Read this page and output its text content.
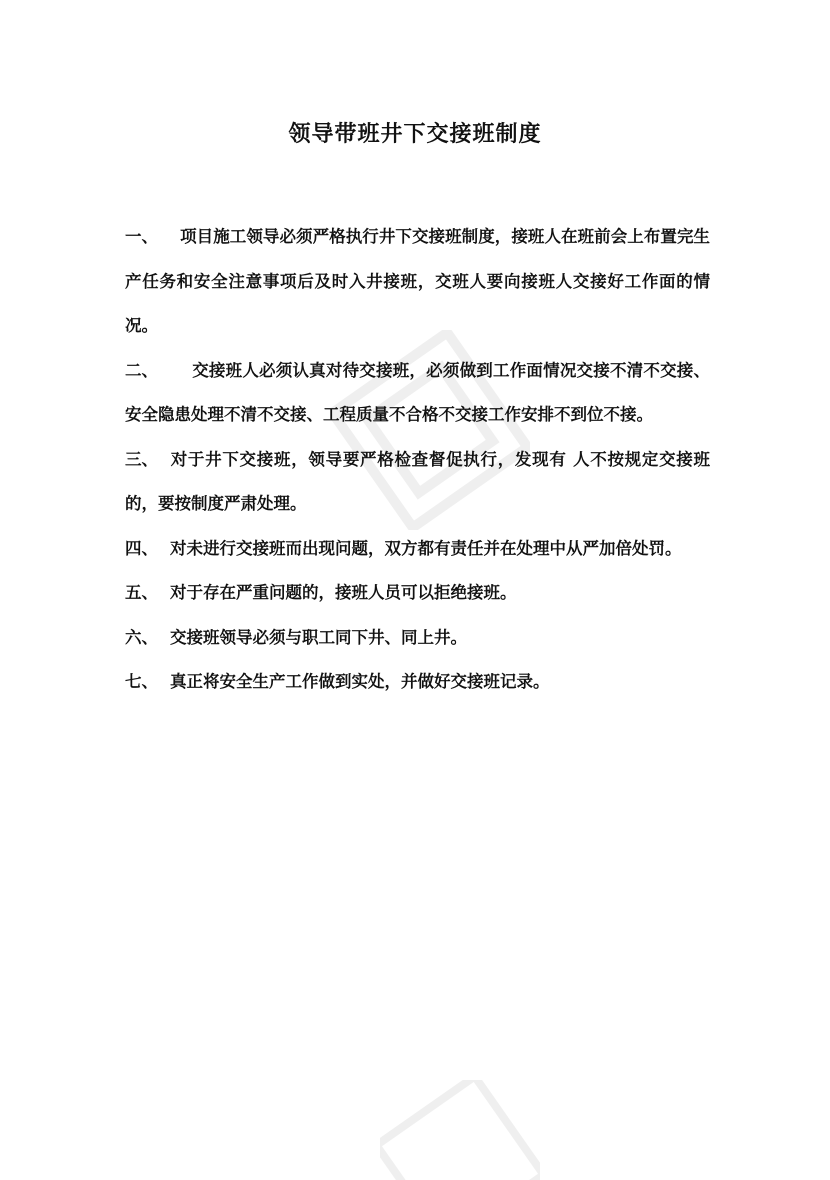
领导带班井下交接班制度

一、 项目施工领导必须严格执行井下交接班制度，接班人在班前会上布置完生产任务和安全注意事项后及时入井接班，交班人要向接班人交接好工作面的情况。

二、 交接班人必须认真对待交接班，必须做到工作面情况交接不清不交接、安全隐患处理不清不交接、工程质量不合格不交接工作安排不到位不接。

三、 对于井下交接班，领导要严格检查督促执行，发现有 人不按规定交接班的，要按制度严肃处理。

四、 对未进行交接班而出现问题，双方都有责任并在处理中从严加倍处罚。

五、 对于存在严重问题的，接班人员可以拒绝接班。

六、 交接班领导必须与职工同下井、同上井。

七、 真正将安全生产工作做到实处，并做好交接班记录。
